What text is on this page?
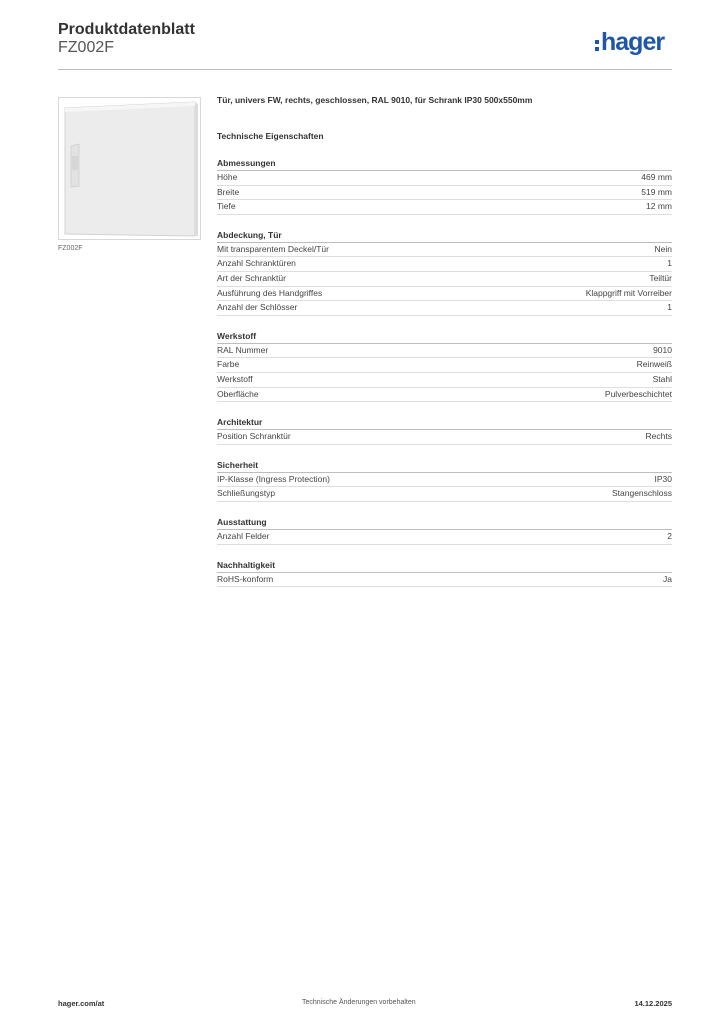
Produktdatenblatt
FZ002F	hager
FZ002F
Tür, univers FW, rechts, geschlossen, RAL 9010, für Schrank IP30 500x550mm
Technische Eigenschaften
Abmessungen
Höhe	469 mm
Breite	519 mm
Tiefe	12 mm
Abdeckung, Tür
Mit transparentem Deckel/Tür	Nein
Anzahl Schranktüren	1
Art der Schranktür	Teiltür
Ausführung des Handgriffes	Klappgriff mit Vorreiber
Anzahl der Schlösser	1
Werkstoff
RAL Nummer	9010
Farbe	Reinweiß
Werkstoff	Stahl
Oberfläche	Pulverbeschichtet
Architektur
Position Schranktür	Rechts
Sicherheit
IP-Klasse (Ingress Protection)	IP30
Schließungstyp	Stangenschloss
Ausstattung
Anzahl Felder	2
Nachhaltigkeit
RoHS-konform	Ja
hager.com/at	Technische Änderungen vorbehalten	14.12.2025
